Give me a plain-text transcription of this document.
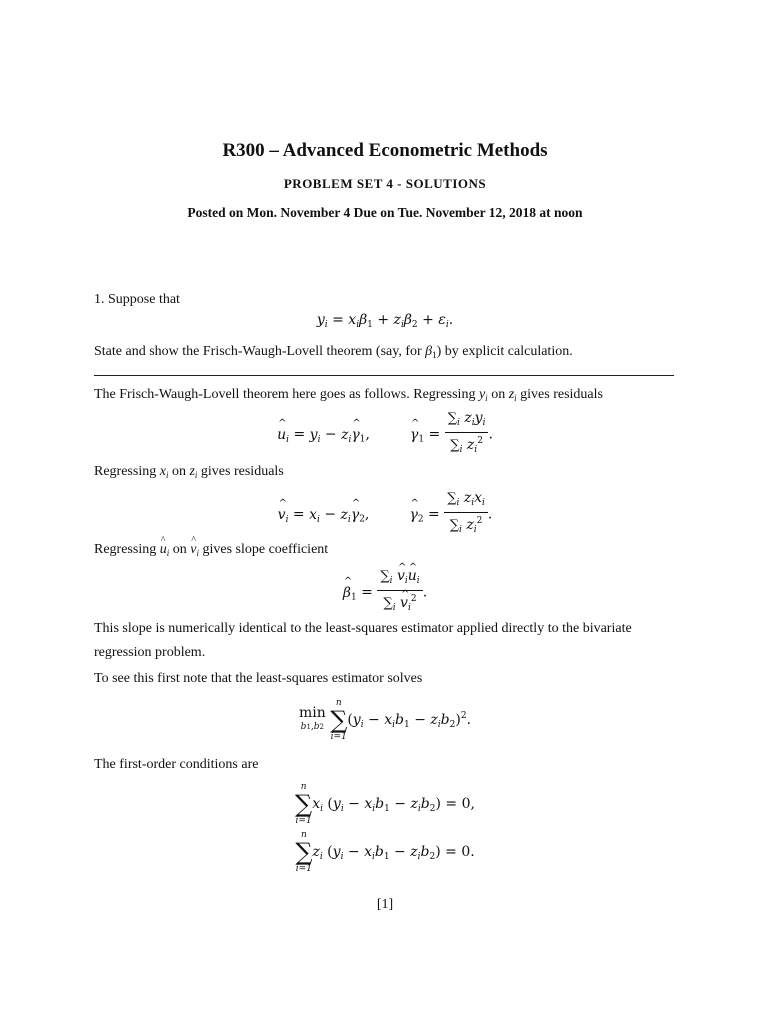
R300 – Advanced Econometric Methods
PROBLEM SET 4 - SOLUTIONS
Posted on Mon. November 4 Due on Tue. November 12, 2018 at noon
1. Suppose that
$y_i = x_i\beta_1 + z_i\beta_2 + \varepsilon_i$.
State and show the Frisch-Waugh-Lovell theorem (say, for $\beta_1$) by explicit calculation.
The Frisch-Waugh-Lovell theorem here goes as follows. Regressing $y_i$ on $z_i$ gives residuals
^ $u_i = y_i$ − $z_i\^{}$ $\gamma_1$,         ^ $\gamma_1 = \frac{\sum_i z_iy_i}{\sum_i z_i^2}$ .
Regressing $x_i$ on $z_i$ gives residuals
^ $v_i = x_i$ − $z_i\^{}$ $\gamma_2$,         ^ $\gamma_2 = \frac{\sum_i z_ix_i}{\sum_i z_i^2}$ .
Regressing ^ $u_i$ on ^ $v_i$ gives slope coefficient
^ $\beta_1 = \frac{\sum_i \^{} v_i\^{} u_i}{\sum_i \^{} v_i^2}$ .
This slope is numerically identical to the least-squares estimator applied directly to the bivariate regression problem.
To see this first note that the least-squares estimator solves
min
b1,b2
n
∑
i=1
$(y_i - x_ib_1 - z_ib_2)^2$.
The first-order conditions are
n
∑
i=1
$x_i$ $(y_i - x_ib_1 - z_ib_2) = 0$,
n
∑
i=1
$z_i$ $(y_i - x_ib_1 - z_ib_2) = 0$.
[1]
